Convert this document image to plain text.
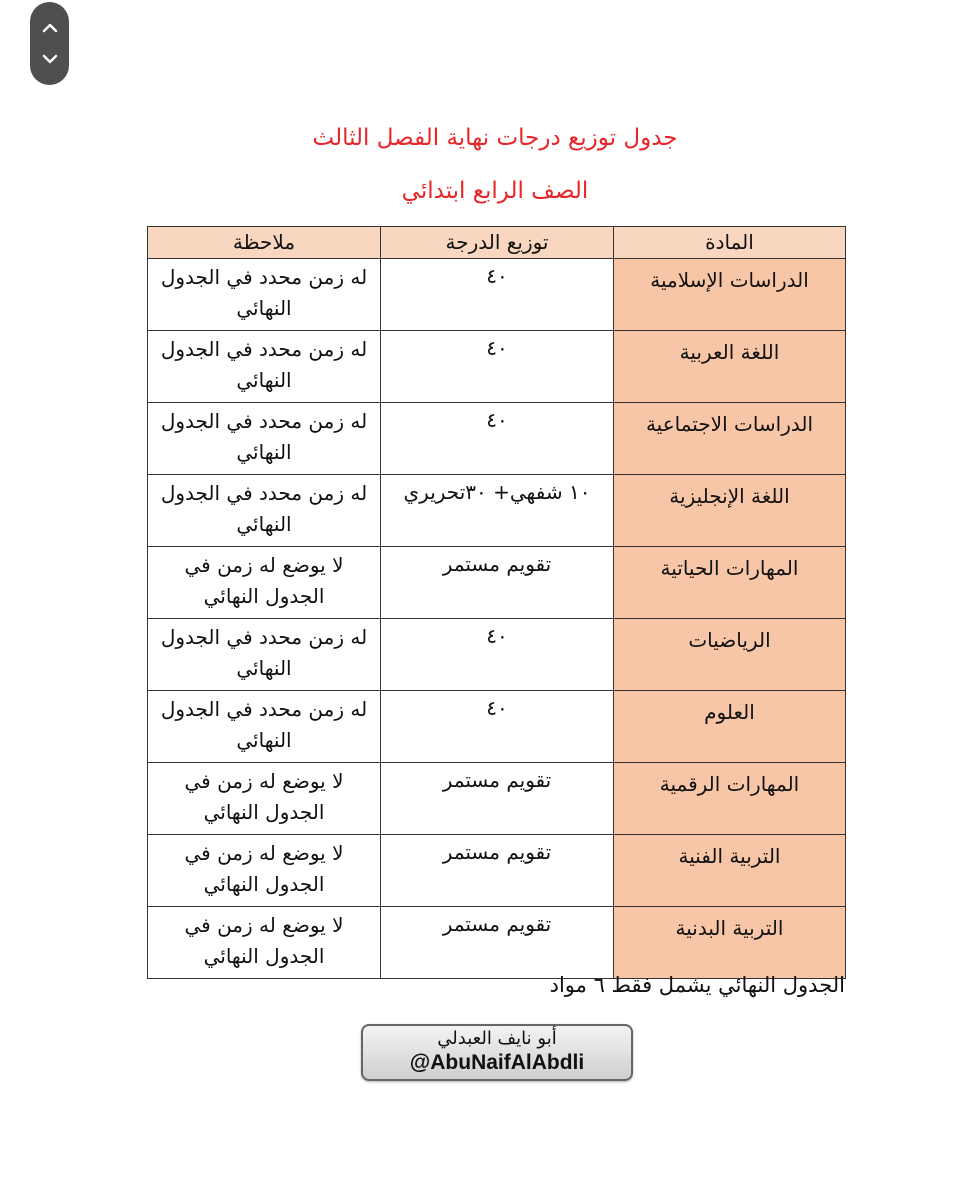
جدول توزيع درجات نهاية الفصل الثالث
الصف الرابع ابتدائي
المادة	توزيع الدرجة	ملاحظة
الدراسات الإسلامية	٤٠	له زمن محدد في الجدول النهائي
اللغة العربية	٤٠	له زمن محدد في الجدول النهائي
الدراسات الاجتماعية	٤٠	له زمن محدد في الجدول النهائي
اللغة الإنجليزية	١٠ شفهي+ ٣٠تحريري	له زمن محدد في الجدول النهائي
المهارات الحياتية	تقويم مستمر	لا يوضع له زمن في الجدول النهائي
الرياضيات	٤٠	له زمن محدد في الجدول النهائي
العلوم	٤٠	له زمن محدد في الجدول النهائي
المهارات الرقمية	تقويم مستمر	لا يوضع له زمن في الجدول النهائي
التربية الفنية	تقويم مستمر	لا يوضع له زمن في الجدول النهائي
التربية البدنية	تقويم مستمر	لا يوضع له زمن في الجدول النهائي
الجدول النهائي يشمل فقط ٦ مواد
أبو نايف العبدلي
@AbuNaifAlAbdli
